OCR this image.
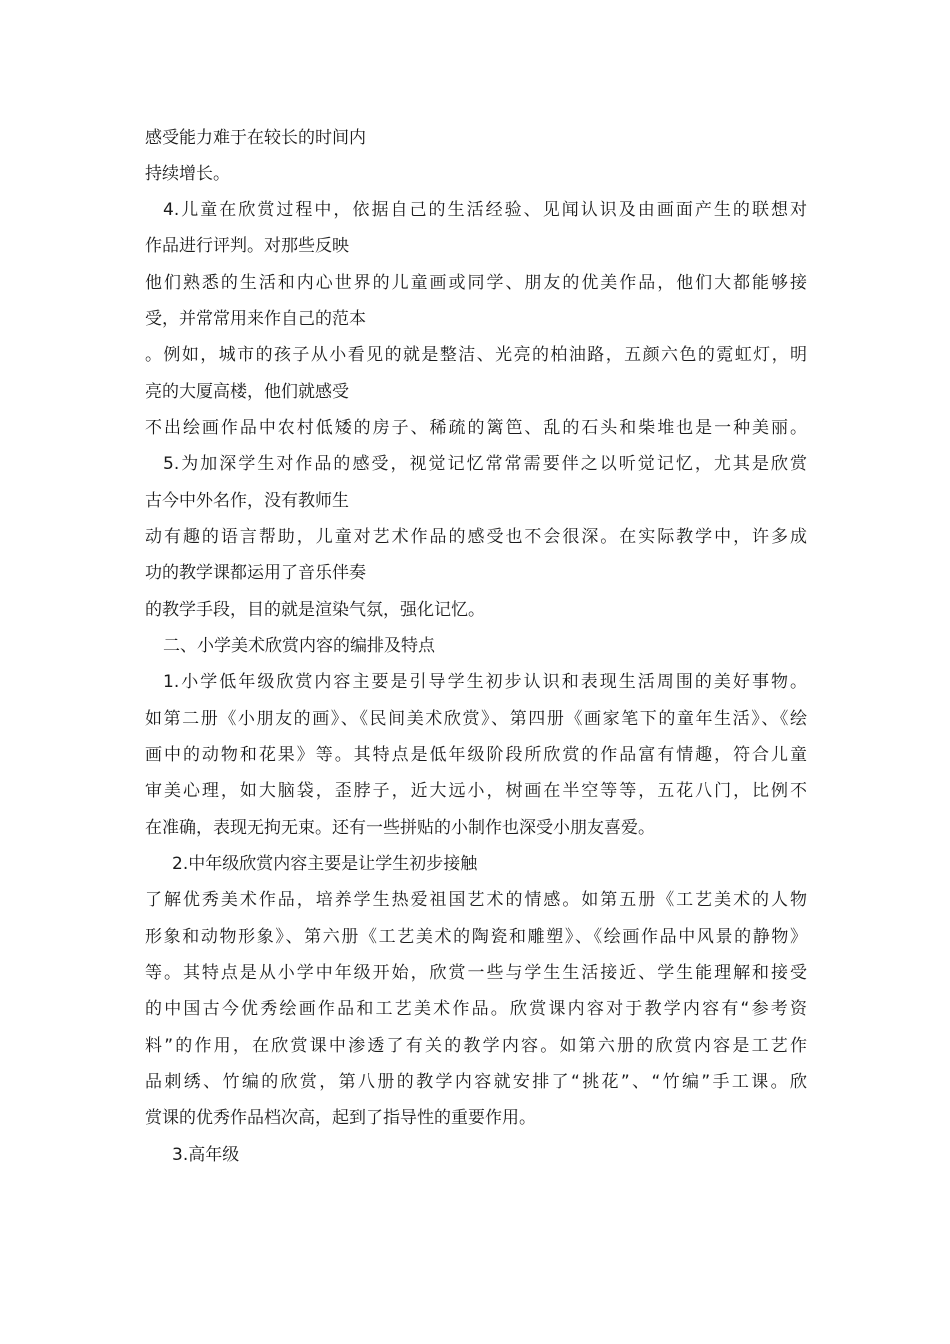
感受能力难于在较长的时间内
持续增长。
4.儿童在欣赏过程中，依据自己的生活经验、见闻认识及由画面产生的联想对
作品进行评判。对那些反映
他们熟悉的生活和内心世界的儿童画或同学、朋友的优美作品，他们大都能够接
受，并常常用来作自己的范本
。例如，城市的孩子从小看见的就是整洁、光亮的柏油路，五颜六色的霓虹灯，明
亮的大厦高楼，他们就感受
不出绘画作品中农村低矮的房子、稀疏的篱笆、乱的石头和柴堆也是一种美丽。
5.为加深学生对作品的感受，视觉记忆常常需要伴之以听觉记忆，尤其是欣赏
古今中外名作，没有教师生
动有趣的语言帮助，儿童对艺术作品的感受也不会很深。在实际教学中，许多成
功的教学课都运用了音乐伴奏
的教学手段，目的就是渲染气氛，强化记忆。
二、小学美术欣赏内容的编排及特点
1.小学低年级欣赏内容主要是引导学生初步认识和表现生活周围的美好事物。
如第二册《小朋友的画》、《民间美术欣赏》、第四册《画家笔下的童年生活》、《绘
画中的动物和花果》等。其特点是低年级阶段所欣赏的作品富有情趣，符合儿童
审美心理，如大脑袋，歪脖子，近大远小，树画在半空等等，五花八门，比例不
在准确，表现无拘无束。还有一些拼贴的小制作也深受小朋友喜爱。
2.中年级欣赏内容主要是让学生初步接触
了解优秀美术作品，培养学生热爱祖国艺术的情感。如第五册《工艺美术的人物
形象和动物形象》、第六册《工艺美术的陶瓷和雕塑》、《绘画作品中风景的静物》
等。其特点是从小学中年级开始，欣赏一些与学生生活接近、学生能理解和接受
的中国古今优秀绘画作品和工艺美术作品。欣赏课内容对于教学内容有“参考资
料”的作用，在欣赏课中渗透了有关的教学内容。如第六册的欣赏内容是工艺作
品刺绣、竹编的欣赏，第八册的教学内容就安排了“挑花”、“竹编”手工课。欣
赏课的优秀作品档次高，起到了指导性的重要作用。
3.高年级
